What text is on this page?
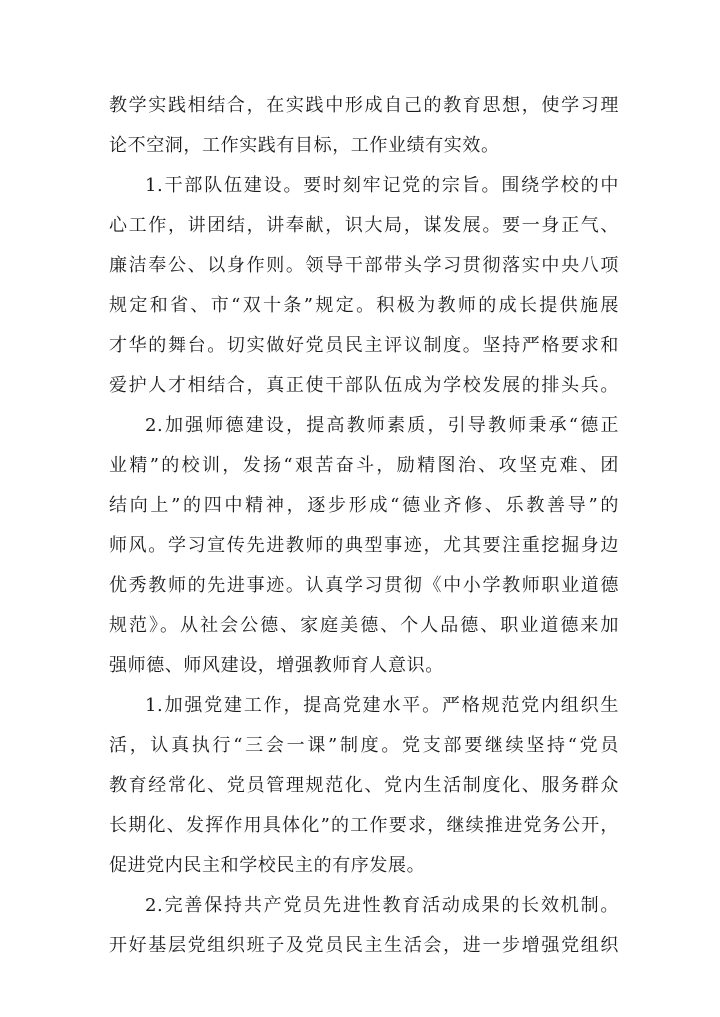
教学实践相结合，在实践中形成自己的教育思想，使学习理
论不空洞，工作实践有目标，工作业绩有实效。
1.干部队伍建设。要时刻牢记党的宗旨。围绕学校的中
心工作，讲团结，讲奉献，识大局，谋发展。要一身正气、
廉洁奉公、以身作则。领导干部带头学习贯彻落实中央八项
规定和省、市“双十条”规定。积极为教师的成长提供施展
才华的舞台。切实做好党员民主评议制度。坚持严格要求和
爱护人才相结合，真正使干部队伍成为学校发展的排头兵。
2.加强师德建设，提高教师素质，引导教师秉承“德正
业精”的校训，发扬“艰苦奋斗，励精图治、攻坚克难、团
结向上”的四中精神，逐步形成“德业齐修、乐教善导”的
师风。学习宣传先进教师的典型事迹，尤其要注重挖掘身边
优秀教师的先进事迹。认真学习贯彻《中小学教师职业道德
规范》。从社会公德、家庭美德、个人品德、职业道德来加
强师德、师风建设，增强教师育人意识。
1.加强党建工作，提高党建水平。严格规范党内组织生
活，认真执行“三会一课”制度。党支部要继续坚持“党员
教育经常化、党员管理规范化、党内生活制度化、服务群众
长期化、发挥作用具体化”的工作要求，继续推进党务公开，
促进党内民主和学校民主的有序发展。
2.完善保持共产党员先进性教育活动成果的长效机制。
开好基层党组织班子及党员民主生活会，进一步增强党组织
